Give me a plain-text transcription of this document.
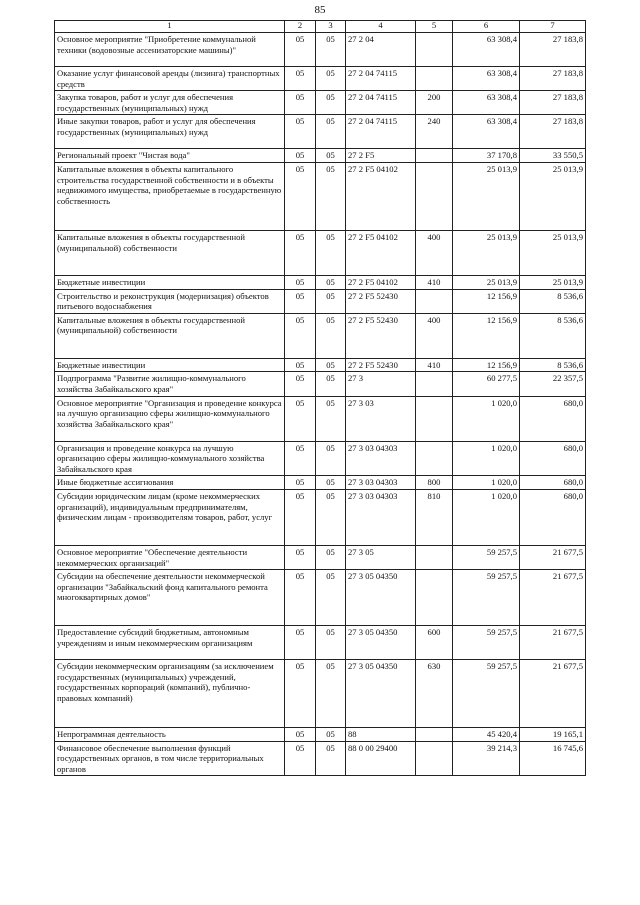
85
1	2	3	4	5	6	7
Основное мероприятие "Приобретение коммунальной техники (водовозные ассенизаторские машины)"	05	05	27 2 04		63 308,4	27 183,8
Оказание услуг финансовой аренды (лизинга) транспортных средств	05	05	27 2 04 74115		63 308,4	27 183,8
Закупка товаров, работ и услуг для обеспечения государственных (муниципальных) нужд	05	05	27 2 04 74115	200	63 308,4	27 183,8
Иные закупки товаров, работ и услуг для обеспечения государственных (муниципальных) нужд	05	05	27 2 04 74115	240	63 308,4	27 183,8
Региональный проект "Чистая вода"	05	05	27 2 F5		37 170,8	33 550,5
Капитальные вложения в объекты капитального строительства государственной собственности и в объекты недвижимого имущества, приобретаемые в государственную собственность	05	05	27 2 F5 04102		25 013,9	25 013,9
Капитальные вложения в объекты государственной (муниципальной) собственности	05	05	27 2 F5 04102	400	25 013,9	25 013,9
Бюджетные инвестиции	05	05	27 2 F5 04102	410	25 013,9	25 013,9
Строительство и реконструкция (модернизация) объектов питьевого водоснабжения	05	05	27 2 F5 52430		12 156,9	8 536,6
Капитальные вложения в объекты государственной (муниципальной) собственности	05	05	27 2 F5 52430	400	12 156,9	8 536,6
Бюджетные инвестиции	05	05	27 2 F5 52430	410	12 156,9	8 536,6
Подпрограмма "Развитие жилищно-коммунального хозяйства Забайкальского края"	05	05	27 3		60 277,5	22 357,5
Основное мероприятие "Организация и проведение конкурса на лучшую организацию сферы жилищно-коммунального хозяйства Забайкальского края"	05	05	27 3 03		1 020,0	680,0
Организация и проведение конкурса на лучшую организацию сферы жилищно-коммунального хозяйства Забайкальского края	05	05	27 3 03 04303		1 020,0	680,0
Иные бюджетные ассигнования	05	05	27 3 03 04303	800	1 020,0	680,0
Субсидии юридическим лицам (кроме некоммерческих организаций), индивидуальным предпринимателям, физическим лицам - производителям товаров, работ, услуг	05	05	27 3 03 04303	810	1 020,0	680,0
Основное мероприятие "Обеспечение деятельности некоммерческих организаций"	05	05	27 3 05		59 257,5	21 677,5
Субсидии на обеспечение деятельности некоммерческой организации "Забайкальский фонд капитального ремонта многоквартирных домов"	05	05	27 3 05 04350		59 257,5	21 677,5
Предоставление субсидий бюджетным, автономным учреждениям и иным некоммерческим организациям	05	05	27 3 05 04350	600	59 257,5	21 677,5
Субсидии некоммерческим организациям (за исключением государственных (муниципальных) учреждений, государственных корпораций (компаний), публично-правовых компаний)	05	05	27 3 05 04350	630	59 257,5	21 677,5
Непрограммная деятельность	05	05	88		45 420,4	19 165,1
Финансовое обеспечение выполнения функций государственных органов, в том числе территориальных органов	05	05	88 0 00 29400		39 214,3	16 745,6
